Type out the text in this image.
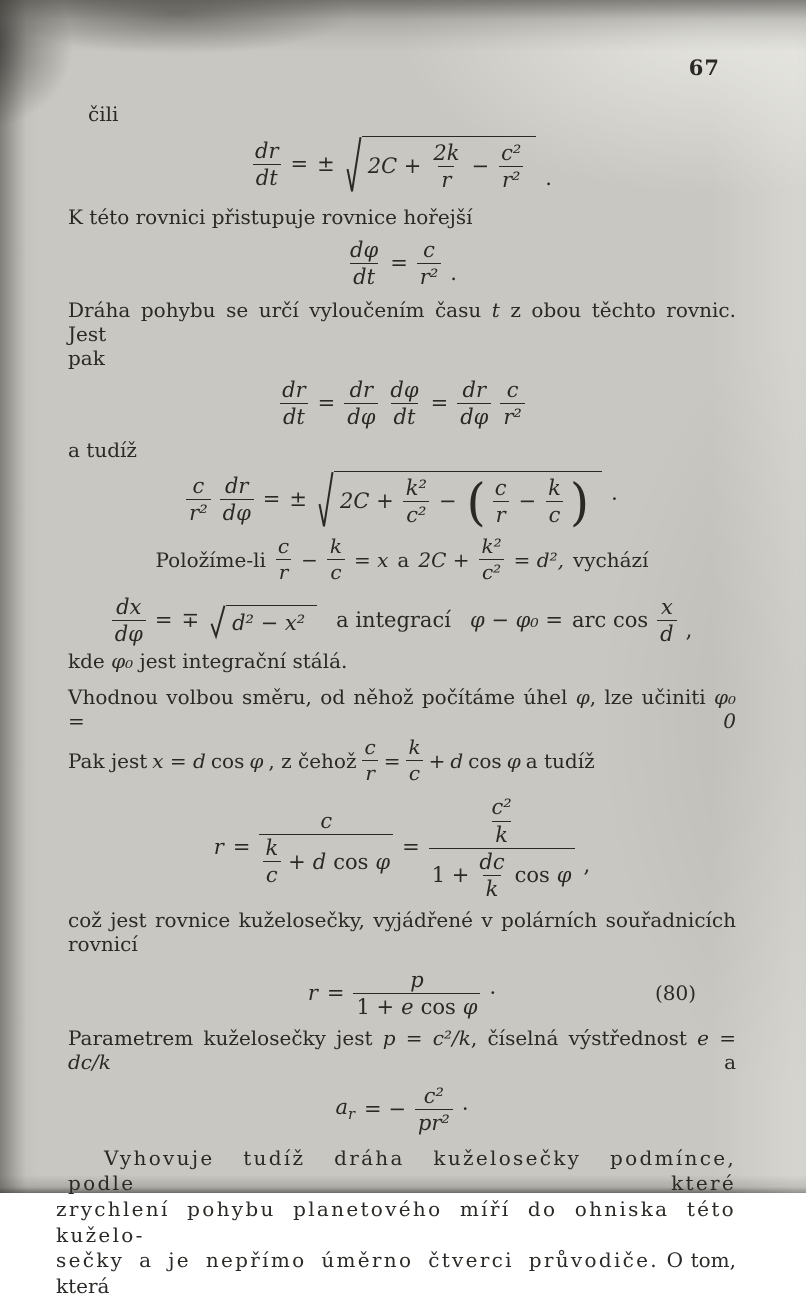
67

čili

$\frac{dr}{dt}$ = ± $2C + \frac{2k}{r} - \frac{\text{c²}}{\text{r²}}$ .

K této rovnici přistupuje rovnice hořejší

$\frac{d\varphi}{dt} = \frac{c}{\text{r²}}$ .

Dráha pohybu se určí vyloučením času t z obou těchto rovnic. Jest

pak

$\frac{dr}{dt} = \frac{dr}{d\varphi} \frac{d\varphi}{dt} = \frac{dr}{d\varphi} \frac{c}{\text{r²}}$

a tudíž

$\frac{c}{\text{r²}} \frac{dr}{d\varphi}$ = ± $2C + \frac{\text{k²}}{\text{c²}}$ − ( $\frac{c}{r} - \frac{k}{c}$ ) ·
Položíme-li $\frac{c}{r} - \frac{k}{c} = x$ a $2C + \frac{\text{k²}}{\text{c²}} = d^2$, vychází
$\frac{dx}{d\varphi}$ = ∓ d² − x² a integrací φ − φ₀ = arc $\cos \frac{x}{d}$ ,

kde φ₀ jest integrační stálá.

Vhodnou volbou směru, od něhož počítáme úhel φ, lze učiniti φ₀ = 0

Pak jest x = d cos φ , z čehož $\frac{c}{r} = \frac{k}{c} + d$ cos φ a tudíž
$r = \frac{c}{\frac{k}{c} + d \cos \varphi} = \frac{\frac{\text{c²}}{k}}{1 + \frac{dc}{k} \cos \varphi}$ ,

což jest rovnice kuželosečky, vyjádřené v polárních souřadnicích

rovnicí

$r = \frac{p}{\text{1 + e cos φ}}$ ·	(80)

Parametrem kuželosečky jest p = c²/k, číselná výstřednost e = dc/k a

$a_r$ = − $\frac{\text{c²}}{\text{pr²}}$ ·

Vyhovuje tudíž dráha kuželosečky podmínce, podle které

zrychlení pohybu planetového míří do ohniska této kuželo-

sečky a je nepřímo úměrno čtverci průvodiče. O tom, která
